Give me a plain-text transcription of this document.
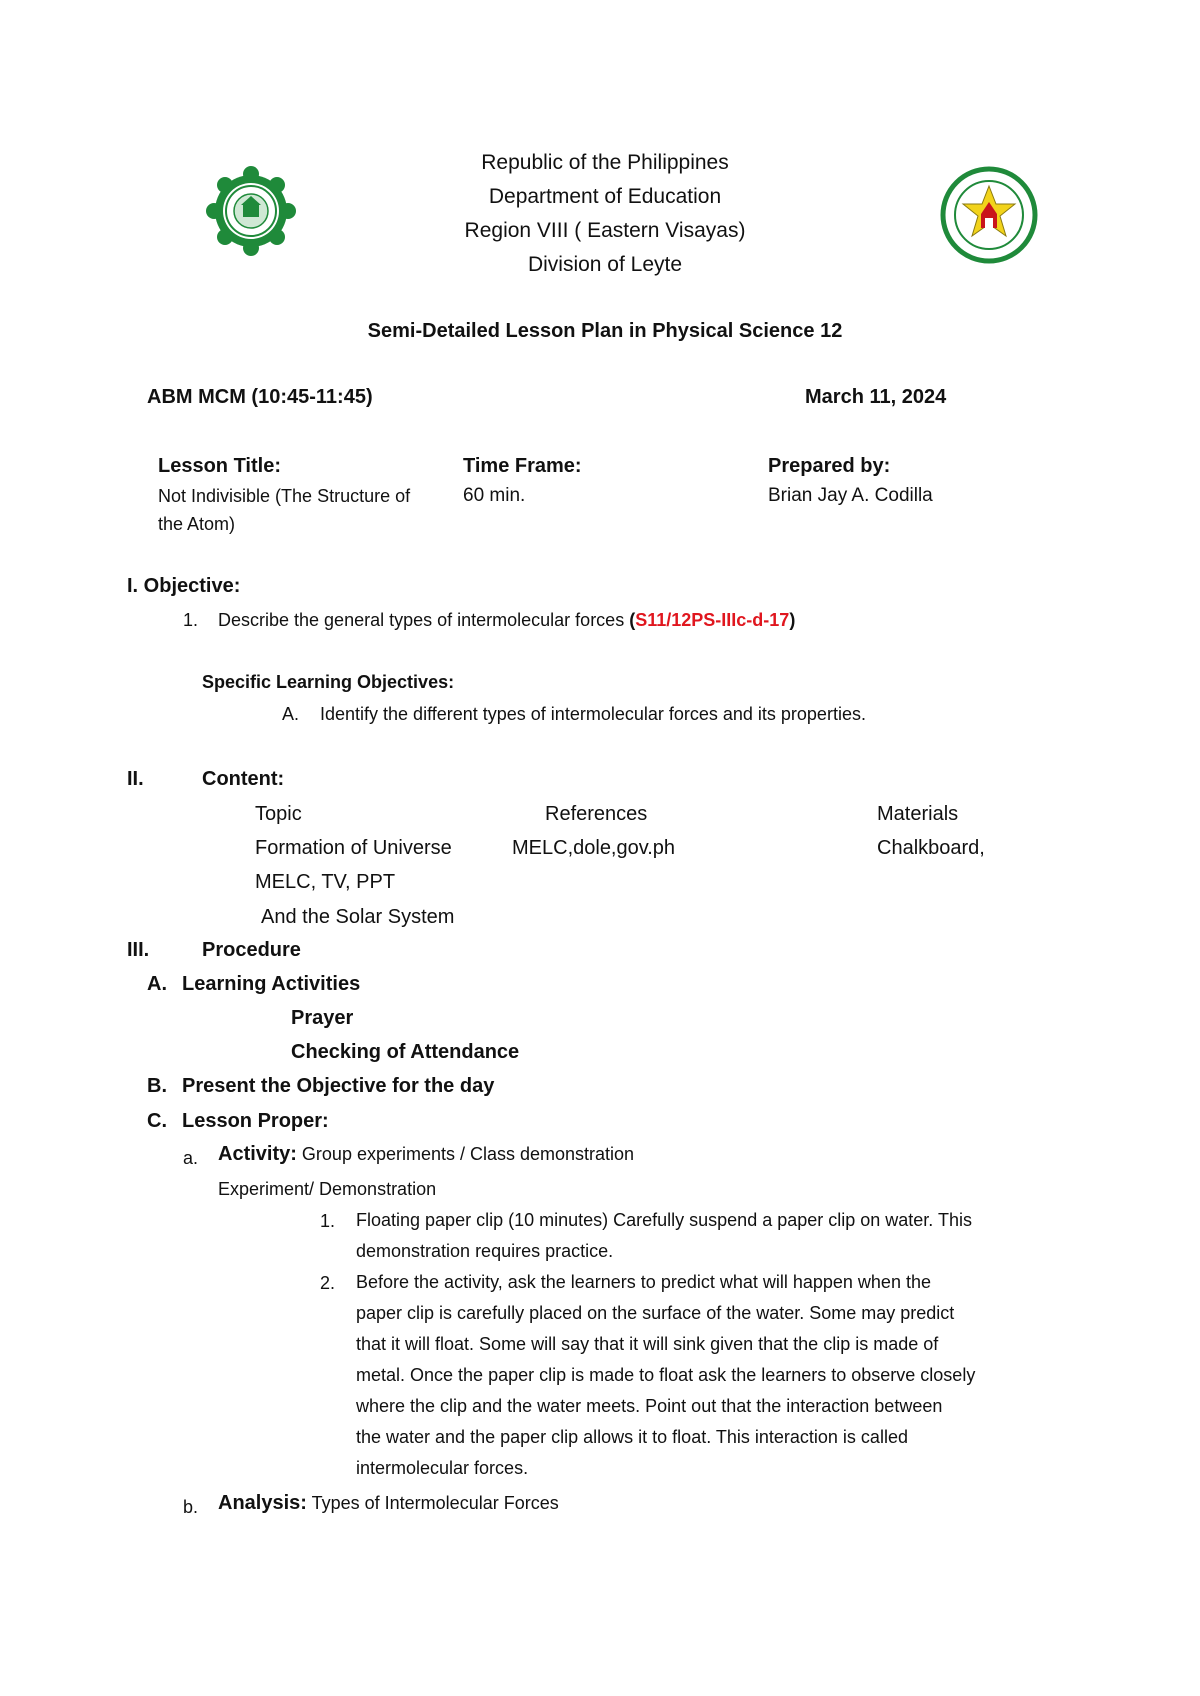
Republic of the Philippines
Department of Education
Region VIII ( Eastern Visayas)
Division of Leyte
Semi-Detailed Lesson Plan in Physical Science 12
ABM MCM (10:45-11:45)	March 11, 2024
Lesson Title:
Not Indivisible (The Structure of the Atom)
Time Frame:
60 min.
Prepared by:
Brian Jay A. Codilla
I. Objective:
1. Describe the general types of intermolecular forces (S11/12PS-IIIc-d-17)
Specific Learning Objectives:
A. Identify the different types of intermolecular forces and its properties.
II.	Content:
Topic	References	Materials
Formation of Universe	MELC,dole,gov.ph	Chalkboard,
MELC, TV, PPT
And the Solar System
III.	Procedure
A. Learning Activities
Prayer
Checking of Attendance
B. Present the Objective for the day
C. Lesson Proper:
a. Activity: Group experiments / Class demonstration
Experiment/ Demonstration
1. Floating paper clip (10 minutes) Carefully suspend a paper clip on water. This
demonstration requires practice.
2. Before the activity, ask the learners to predict what will happen when the
paper clip is carefully placed on the surface of the water. Some may predict
that it will float. Some will say that it will sink given that the clip is made of
metal. Once the paper clip is made to float ask the learners to observe closely
where the clip and the water meets. Point out that the interaction between
the water and the paper clip allows it to float. This interaction is called
intermolecular forces.
b. Analysis: Types of Intermolecular Forces
